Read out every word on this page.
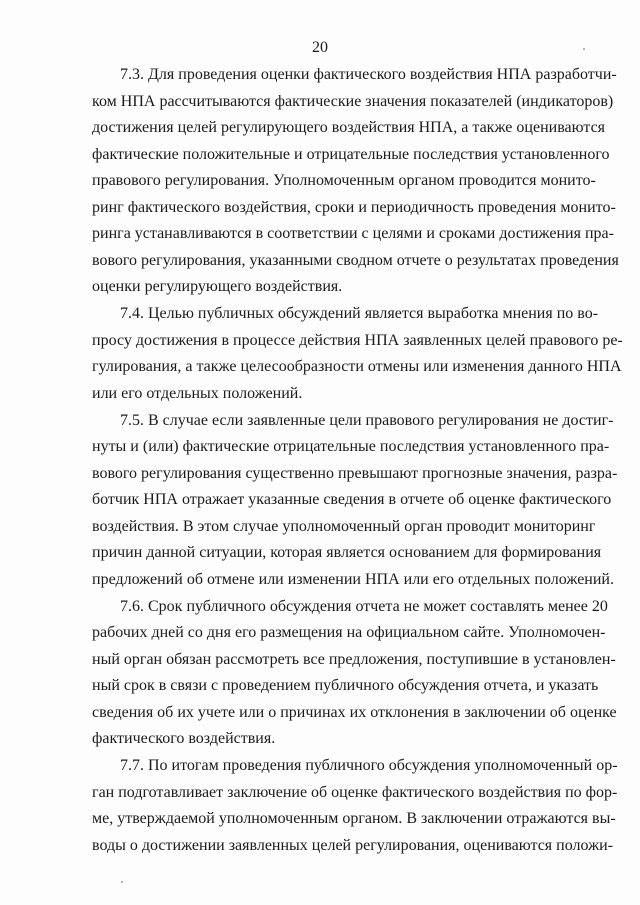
20
7.3. Для проведения оценки фактического воздействия НПА разработчи-
ком НПА рассчитываются фактические значения показателей (индикаторов)
достижения целей регулирующего воздействия НПА, а также оцениваются
фактические положительные и отрицательные последствия установленного
правового регулирования. Уполномоченным органом проводится монито-
ринг фактического воздействия, сроки и периодичность проведения монито-
ринга устанавливаются в соответствии с целями и сроками достижения пра-
вового регулирования, указанными сводном отчете о результатах проведения
оценки регулирующего воздействия.
7.4. Целью публичных обсуждений является выработка мнения по во-
просу достижения в процессе действия НПА заявленных целей правового ре-
гулирования, а также целесообразности отмены или изменения данного НПА
или его отдельных положений.
7.5. В случае если заявленные цели правового регулирования не достиг-
нуты и (или) фактические отрицательные последствия установленного пра-
вового регулирования существенно превышают прогнозные значения, разра-
ботчик НПА отражает указанные сведения в отчете об оценке фактического
воздействия. В этом случае уполномоченный орган проводит мониторинг
причин данной ситуации, которая является основанием для формирования
предложений об отмене или изменении НПА или его отдельных положений.
7.6. Срок публичного обсуждения отчета не может составлять менее 20
рабочих дней со дня его размещения на официальном сайте. Уполномочен-
ный орган обязан рассмотреть все предложения, поступившие в установлен-
ный срок в связи с проведением публичного обсуждения отчета, и указать
сведения об их учете или о причинах их отклонения в заключении об оценке
фактического воздействия.
7.7. По итогам проведения публичного обсуждения уполномоченный ор-
ган подготавливает заключение об оценке фактического воздействия по фор-
ме, утверждаемой уполномоченным органом. В заключении отражаются вы-
воды о достижении заявленных целей регулирования, оцениваются положи-
